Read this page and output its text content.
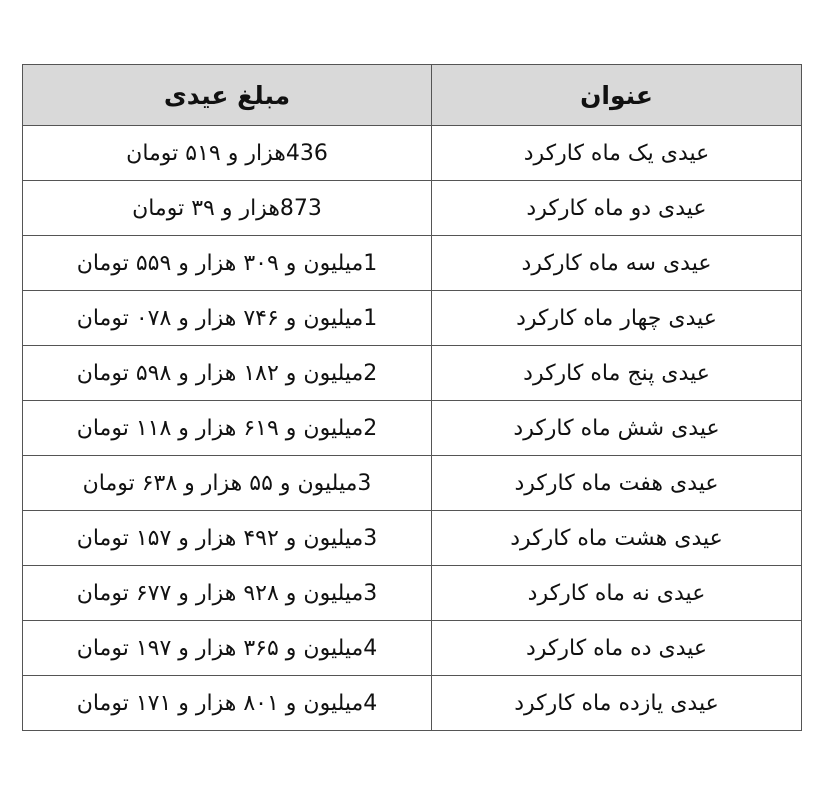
عنوان	مبلغ عیدی
عیدی یک ماه کارکرد	436هزار و ۵۱۹ تومان
عیدی دو ماه کارکرد	873هزار و ۳۹ تومان
عیدی سه ماه کارکرد	1میلیون و ۳۰۹ هزار و ۵۵۹ تومان
عیدی چهار ماه کارکرد	1میلیون و ۷۴۶ هزار و ۰۷۸ تومان
عیدی پنج ماه کارکرد	2میلیون و ۱۸۲ هزار و ۵۹۸ تومان
عیدی شش ماه کارکرد	2میلیون و ۶۱۹ هزار و ۱۱۸ تومان
عیدی هفت ماه کارکرد	3میلیون و ۵۵ هزار و ۶۳۸ تومان
عیدی هشت ماه کارکرد	3میلیون و ۴۹۲ هزار و ۱۵۷ تومان
عیدی نه ماه کارکرد	3میلیون و ۹۲۸ هزار و ۶۷۷ تومان
عیدی ده ماه کارکرد	4میلیون و ۳۶۵ هزار و ۱۹۷ تومان
عیدی یازده ماه کارکرد	4میلیون و ۸۰۱ هزار و ۱۷۱ تومان
